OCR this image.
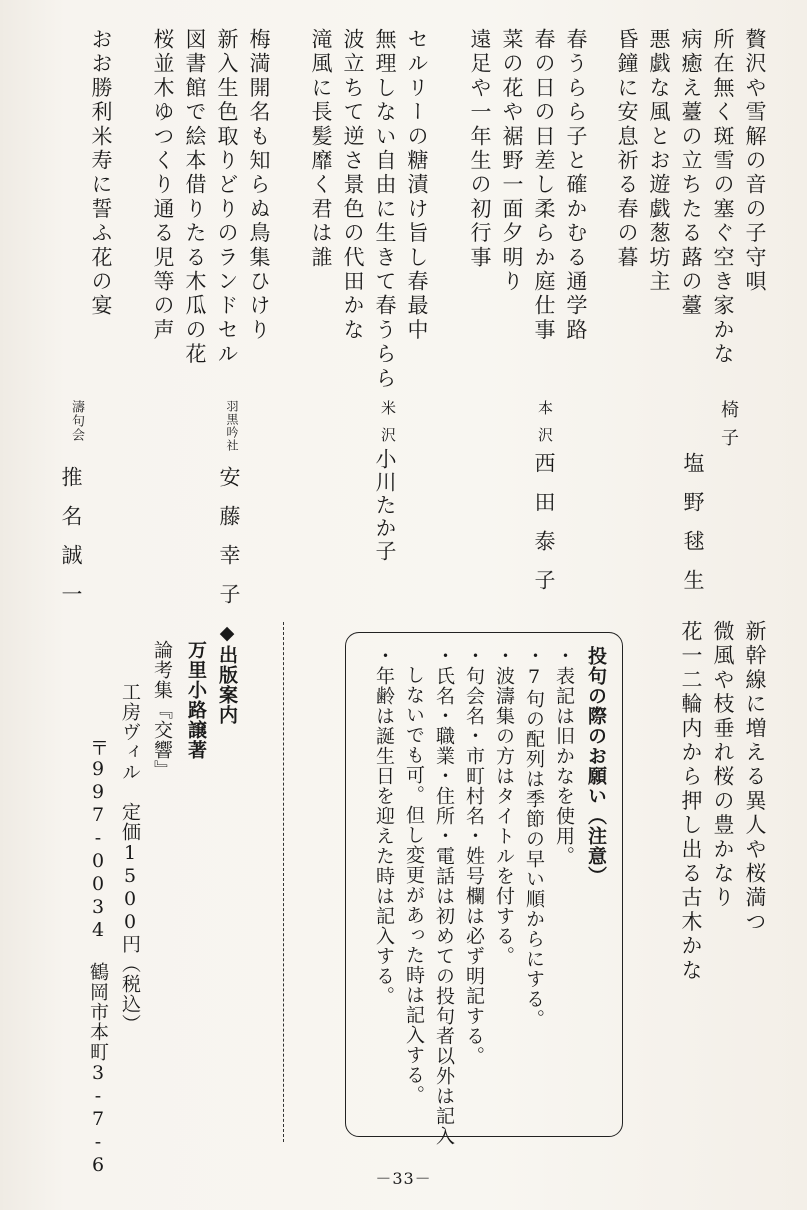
贅沢や雪解の音の子守唄
所在無く斑雪の塞ぐ空き家かな
病癒え薹の立ちたる蕗の薹
悪戯な風とお遊戯葱坊主
昏鐘に安息祈る春の暮
椅子
塩野毬生
新幹線に増える異人や桜満つ
微風や枝垂れ桜の豊かなり
花一二輪内から押し出る古木かな
春うらら子と確かむる通学路
春の日の日差し柔らか庭仕事
菜の花や裾野一面夕明り
遠足や一年生の初行事
本沢
西田泰子
セルリーの糖漬け旨し春最中
無理しない自由に生きて春うらら
波立ちて逆さ景色の代田かな
滝風に長髪靡く君は誰
米沢
小川たか子
梅満開名も知らぬ鳥集ひけり
新入生色取りどりのランドセル
図書館で絵本借りたる木瓜の花
桜並木ゆつくり通る児等の声
羽黒吟社
安藤幸子
おお勝利米寿に誓ふ花の宴
濤句会
推名誠一
投句の際のお願い（注意）
・表記は旧かなを使用。
・7句の配列は季節の早い順からにする。
・波濤集の方はタイトルを付する。
・句会名・市町村名・姓号欄は必ず明記する。
・氏名・職業・住所・電話は初めての投句者以外は記入
しないでも可。但し変更があった時は記入する。
・年齢は誕生日を迎えた時は記入する。
◆出版案内
万里小路譲著
論考集『交響』
工房ヴィル　定価1500円（税込）
〒997-0034　鶴岡市本町3-7-6
－33－
